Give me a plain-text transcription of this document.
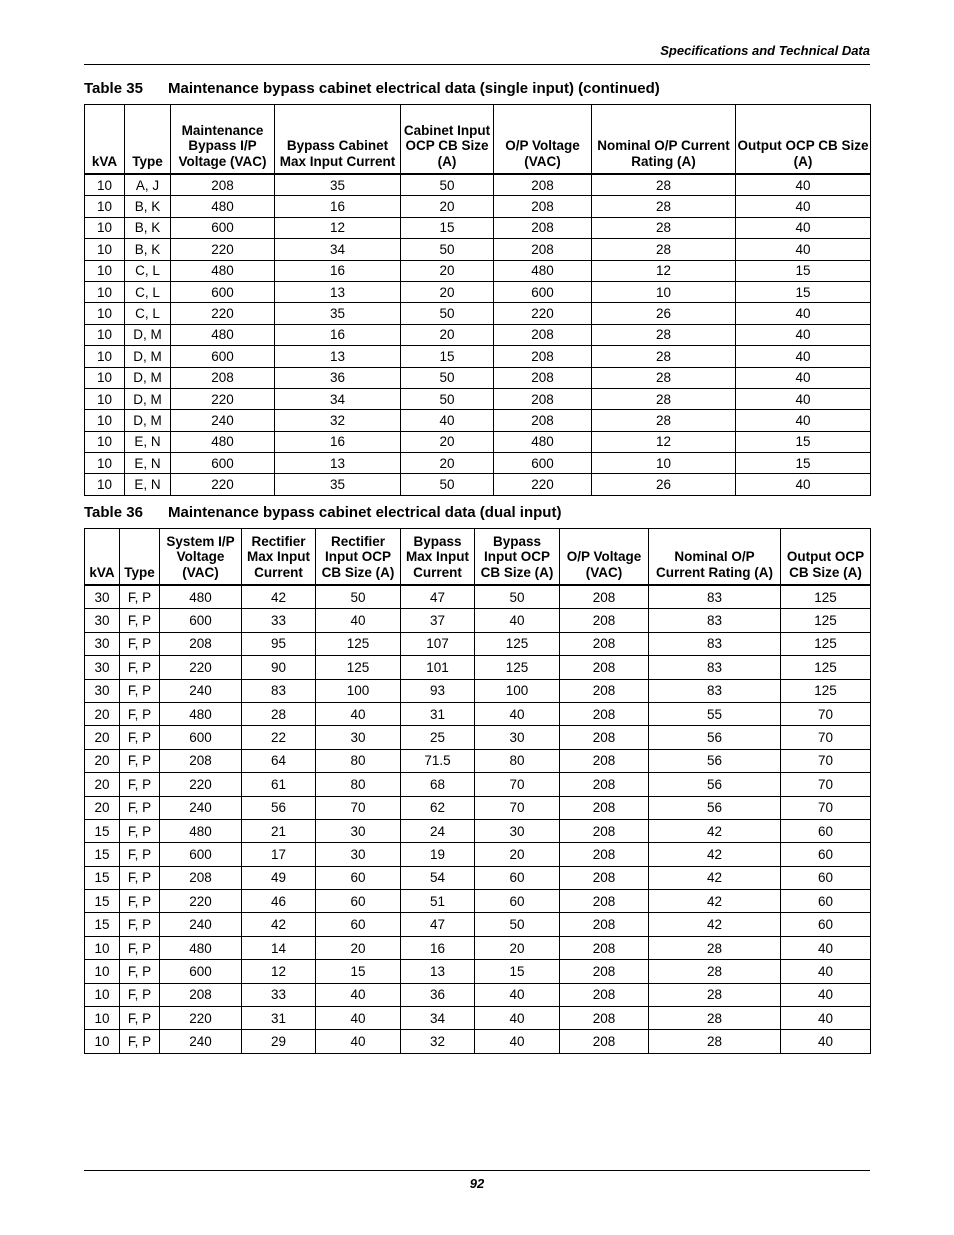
Specifications and Technical Data
Table 35 Maintenance bypass cabinet electrical data (single input) (continued)
kVA	Type	Maintenance Bypass I/P Voltage (VAC)	Bypass Cabinet Max Input Current	Cabinet Input OCP CB Size (A)	O/P Voltage (VAC)	Nominal O/P Current Rating (A)	Output OCP CB Size (A)
10	A, J	208	35	50	208	28	40
10	B, K	480	16	20	208	28	40
10	B, K	600	12	15	208	28	40
10	B, K	220	34	50	208	28	40
10	C, L	480	16	20	480	12	15
10	C, L	600	13	20	600	10	15
10	C, L	220	35	50	220	26	40
10	D, M	480	16	20	208	28	40
10	D, M	600	13	15	208	28	40
10	D, M	208	36	50	208	28	40
10	D, M	220	34	50	208	28	40
10	D, M	240	32	40	208	28	40
10	E, N	480	16	20	480	12	15
10	E, N	600	13	20	600	10	15
10	E, N	220	35	50	220	26	40
Table 36 Maintenance bypass cabinet electrical data (dual input)
kVA	Type	System I/P Voltage (VAC)	Rectifier Max Input Current	Rectifier Input OCP CB Size (A)	Bypass Max Input Current	Bypass Input OCP CB Size (A)	O/P Voltage (VAC)	Nominal O/P Current Rating (A)	Output OCP CB Size (A)
30	F, P	480	42	50	47	50	208	83	125
30	F, P	600	33	40	37	40	208	83	125
30	F, P	208	95	125	107	125	208	83	125
30	F, P	220	90	125	101	125	208	83	125
30	F, P	240	83	100	93	100	208	83	125
20	F, P	480	28	40	31	40	208	55	70
20	F, P	600	22	30	25	30	208	56	70
20	F, P	208	64	80	71.5	80	208	56	70
20	F, P	220	61	80	68	70	208	56	70
20	F, P	240	56	70	62	70	208	56	70
15	F, P	480	21	30	24	30	208	42	60
15	F, P	600	17	30	19	20	208	42	60
15	F, P	208	49	60	54	60	208	42	60
15	F, P	220	46	60	51	60	208	42	60
15	F, P	240	42	60	47	50	208	42	60
10	F, P	480	14	20	16	20	208	28	40
10	F, P	600	12	15	13	15	208	28	40
10	F, P	208	33	40	36	40	208	28	40
10	F, P	220	31	40	34	40	208	28	40
10	F, P	240	29	40	32	40	208	28	40
92
